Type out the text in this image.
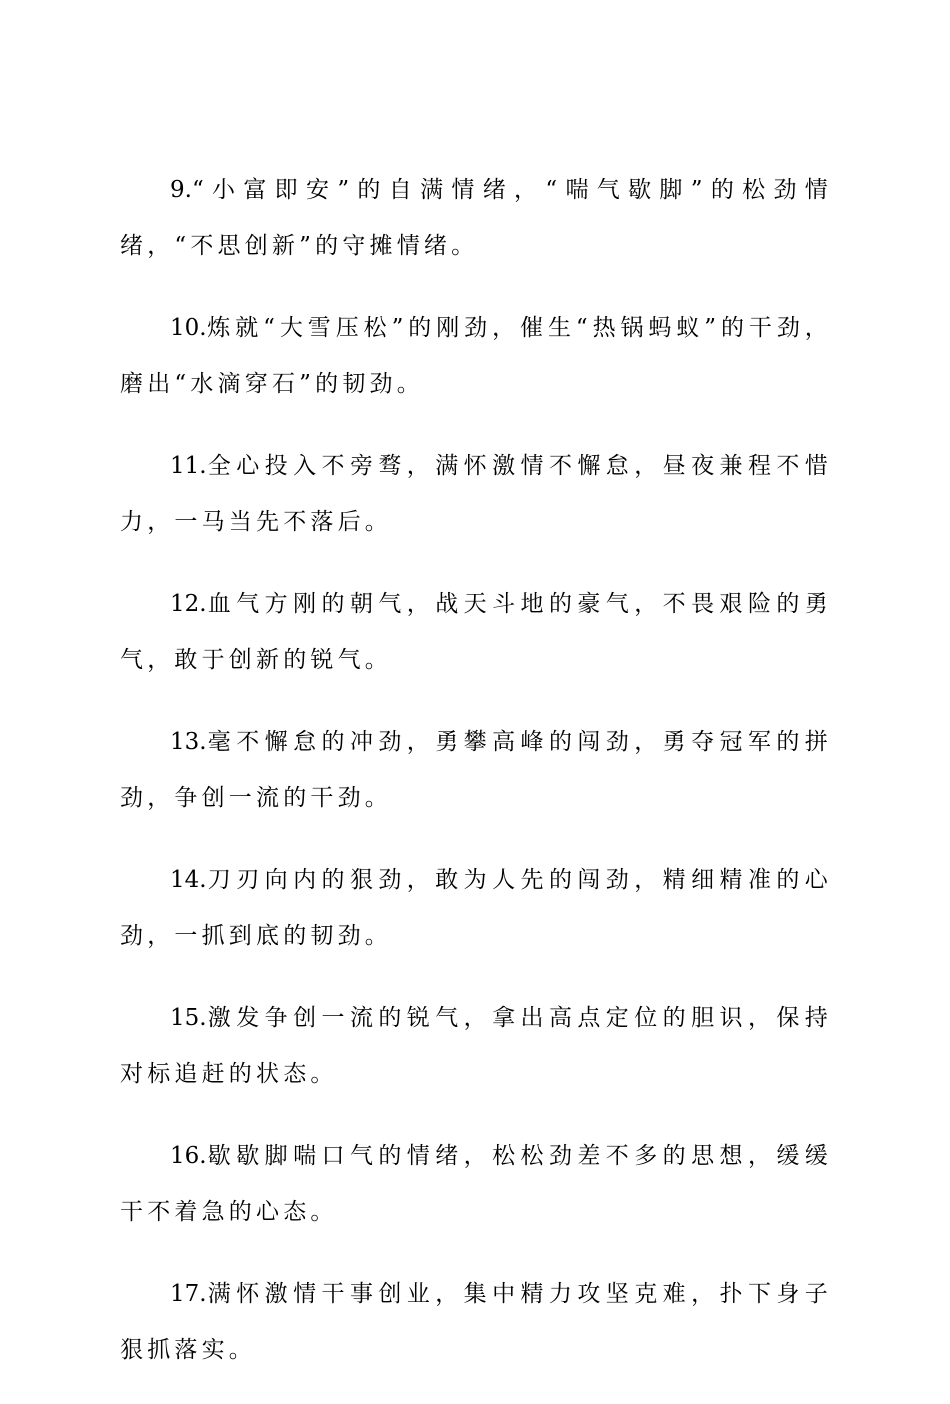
9.“小富即安”的自满情绪，“喘气歇脚”的松劲情绪，“不思创新”的守摊情绪。

10.炼就“大雪压松”的刚劲，催生“热锅蚂蚁”的干劲，磨出“水滴穿石”的韧劲。

11.全心投入不旁骛，满怀激情不懈怠，昼夜兼程不惜力，一马当先不落后。

12.血气方刚的朝气，战天斗地的豪气，不畏艰险的勇气，敢于创新的锐气。

13.毫不懈怠的冲劲，勇攀高峰的闯劲，勇夺冠军的拼劲，争创一流的干劲。

14.刀刃向内的狠劲，敢为人先的闯劲，精细精准的心劲，一抓到底的韧劲。

15.激发争创一流的锐气，拿出高点定位的胆识，保持对标追赶的状态。

16.歇歇脚喘口气的情绪，松松劲差不多的思想，缓缓干不着急的心态。

17.满怀激情干事创业，集中精力攻坚克难，扑下身子狠抓落实。
